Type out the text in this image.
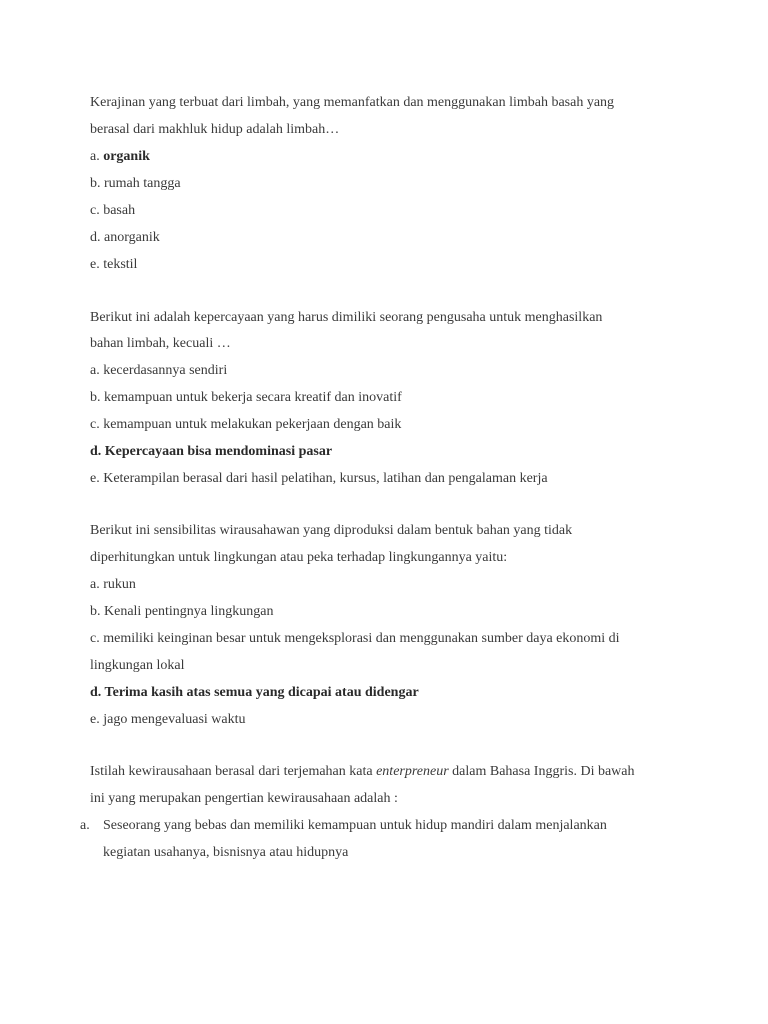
Kerajinan yang terbuat dari limbah, yang memanfatkan dan menggunakan limbah basah yang
berasal dari makhluk hidup adalah limbah…
a. organik
b. rumah tangga
c. basah
d. anorganik
e. tekstil
Berikut ini adalah kepercayaan yang harus dimiliki seorang pengusaha untuk menghasilkan
bahan limbah, kecuali …
a. kecerdasannya sendiri
b. kemampuan untuk bekerja secara kreatif dan inovatif
c. kemampuan untuk melakukan pekerjaan dengan baik
d. Kepercayaan bisa mendominasi pasar
e. Keterampilan berasal dari hasil pelatihan, kursus, latihan dan pengalaman kerja
Berikut ini sensibilitas wirausahawan yang diproduksi dalam bentuk bahan yang tidak
diperhitungkan untuk lingkungan atau peka terhadap lingkungannya yaitu:
a. rukun
b. Kenali pentingnya lingkungan
c. memiliki keinginan besar untuk mengeksplorasi dan menggunakan sumber daya ekonomi di
lingkungan lokal
d. Terima kasih atas semua yang dicapai atau didengar
e. jago mengevaluasi waktu
Istilah kewirausahaan berasal dari terjemahan kata enterpreneur dalam Bahasa Inggris. Di bawah
ini yang merupakan pengertian kewirausahaan adalah :
a. Seseorang yang bebas dan memiliki kemampuan untuk hidup mandiri dalam menjalankan
kegiatan usahanya, bisnisnya atau hidupnya
